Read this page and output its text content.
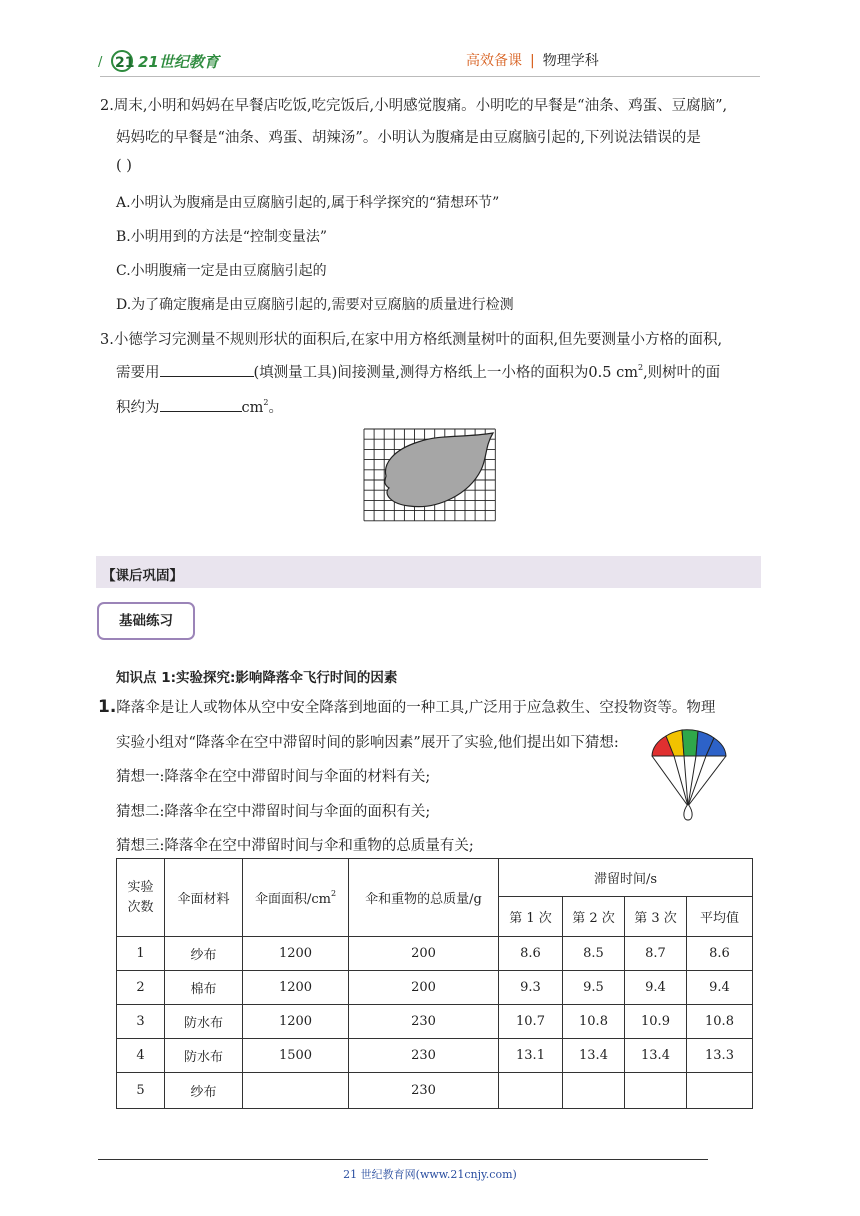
/ 21 21世纪教育	高效备课 | 物理学科
2.周末,小明和妈妈在早餐店吃饭,吃完饭后,小明感觉腹痛。小明吃的早餐是“油条、鸡蛋、豆腐脑”,
妈妈吃的早餐是“油条、鸡蛋、胡辣汤”。小明认为腹痛是由豆腐脑引起的,下列说法错误的是
( )
A.小明认为腹痛是由豆腐脑引起的,属于科学探究的“猜想环节”
B.小明用到的方法是“控制变量法”
C.小明腹痛一定是由豆腐脑引起的
D.为了确定腹痛是由豆腐脑引起的,需要对豆腐脑的质量进行检测
3.小德学习完测量不规则形状的面积后,在家中用方格纸测量树叶的面积,但先要测量小方格的面积,
需要用	(填测量工具)间接测量,测得方格纸上一小格的面积为0.5 $cm^2$,则树叶的面
积约为	$cm^2$。
【课后巩固】
基础练习
知识点 1:实验探究:影响降落伞飞行时间的因素
1.降落伞是让人或物体从空中安全降落到地面的一种工具,广泛用于应急救生、空投物资等。物理
实验小组对“降落伞在空中滞留时间的影响因素”展开了实验,他们提出如下猜想:
猜想一:降落伞在空中滞留时间与伞面的材料有关;
猜想二:降落伞在空中滞留时间与伞面的面积有关;
猜想三:降落伞在空中滞留时间与伞和重物的总质量有关;
实验
次数	伞面材料	伞面面积$/cm^2$	伞和重物的总质量/g	滞留时间/s			
				第 1 次	第 2 次	第 3 次	平均值
1	纱布	1200	200	8.6	8.5	8.7	8.6
2	棉布	1200	200	9.3	9.5	9.4	9.4
3	防水布	1200	230	10.7	10.8	10.9	10.8
4	防水布	1500	230	13.1	13.4	13.4	13.3
5	纱布		230				
21 世纪教育网(www.21cnjy.com)
